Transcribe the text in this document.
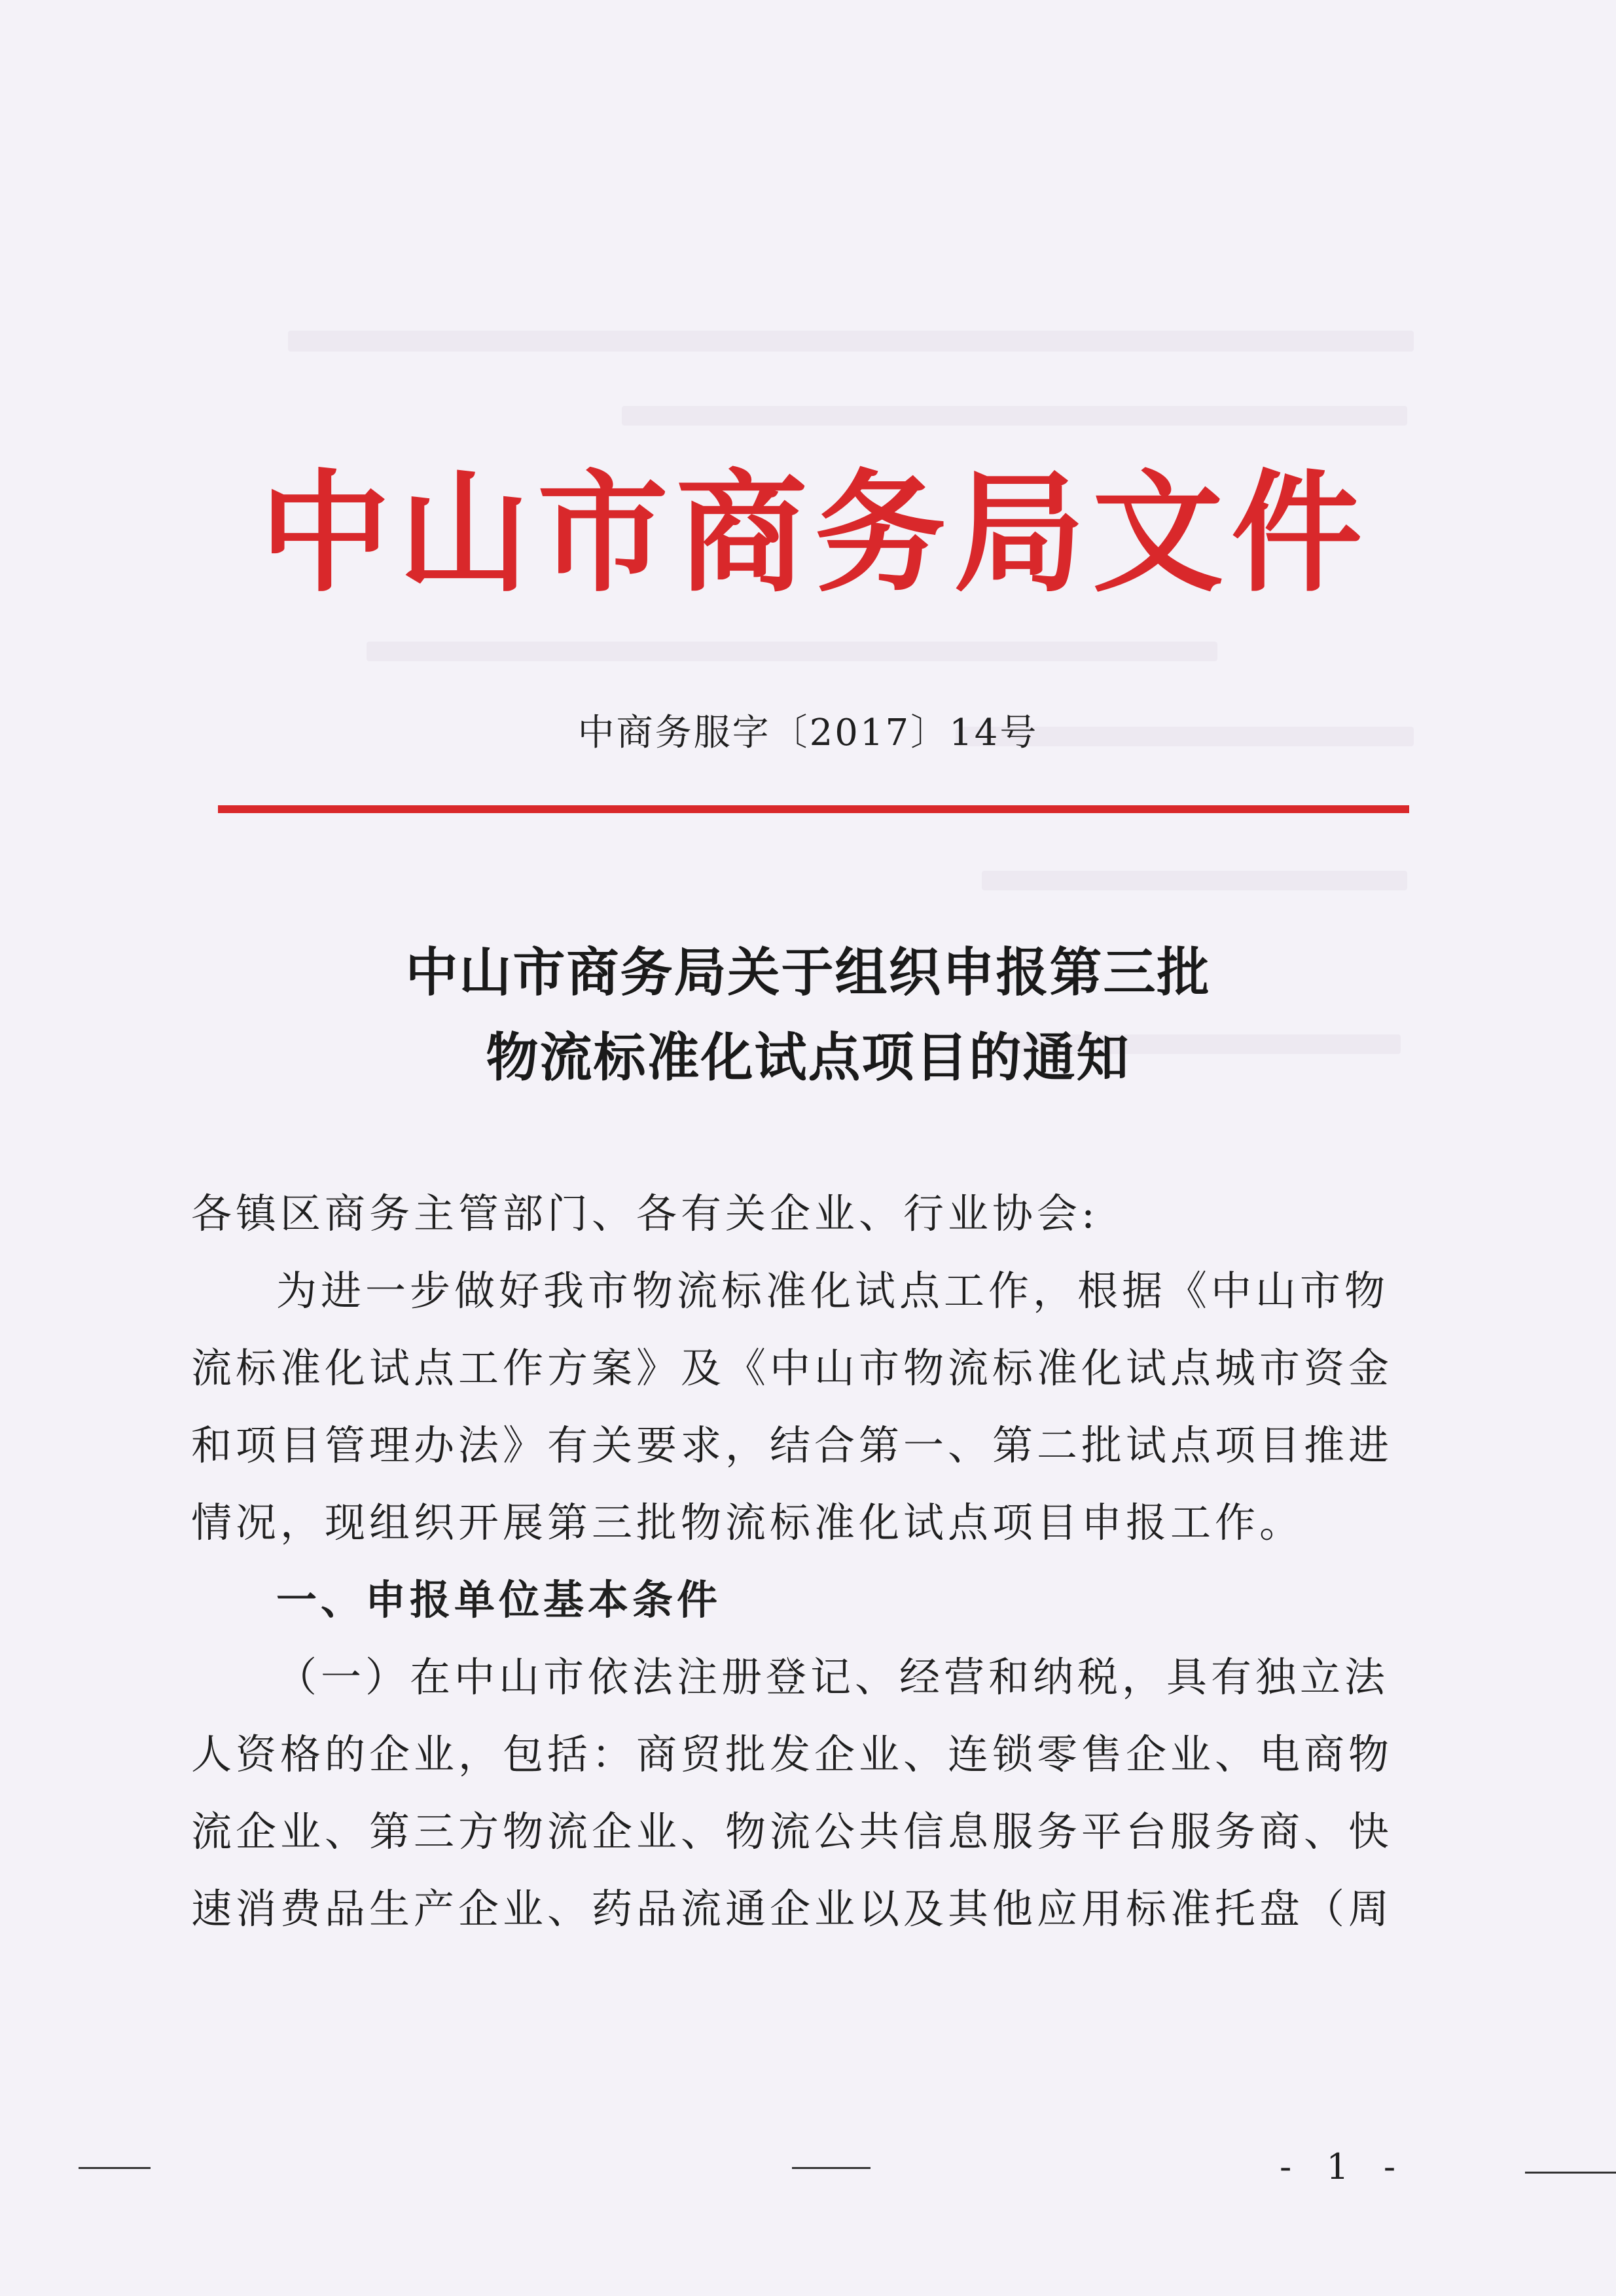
中山市商务局文件
中商务服字〔2017〕14号
中山市商务局关于组织申报第三批
物流标准化试点项目的通知

各镇区商务主管部门、各有关企业、行业协会:

为进一步做好我市物流标准化试点工作，根据《中山市物

流标准化试点工作方案》及《中山市物流标准化试点城市资金

和项目管理办法》有关要求，结合第一、第二批试点项目推进

情况，现组织开展第三批物流标准化试点项目申报工作。

一、申报单位基本条件

（一）在中山市依法注册登记、经营和纳税，具有独立法

人资格的企业，包括：商贸批发企业、连锁零售企业、电商物

流企业、第三方物流企业、物流公共信息服务平台服务商、快

速消费品生产企业、药品流通企业以及其他应用标准托盘（周

- 1 -
